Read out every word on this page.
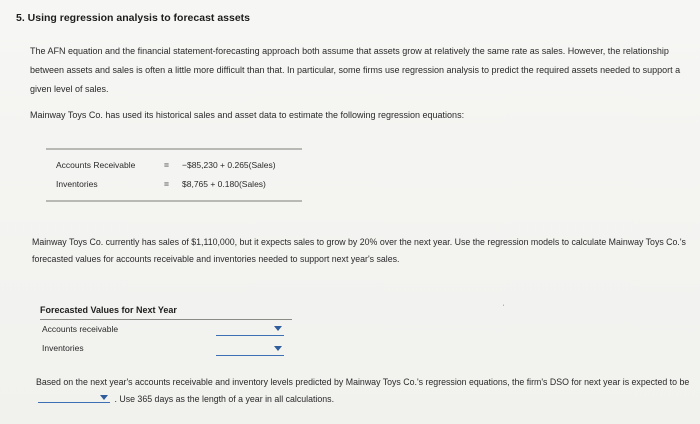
5. Using regression analysis to forecast assets
The AFN equation and the financial statement-forecasting approach both assume that assets grow at relatively the same rate as sales. However, the relationship between assets and sales is often a little more difficult than that. In particular, some firms use regression analysis to predict the required assets needed to support a given level of sales.
Mainway Toys Co. has used its historical sales and asset data to estimate the following regression equations:
Accounts Receivable	= −$85,230 + 0.265(Sales)
Inventories	= $8,765 + 0.180(Sales)
Mainway Toys Co. currently has sales of $1,110,000, but it expects sales to grow by 20% over the next year. Use the regression models to calculate Mainway Toys Co.'s forecasted values for accounts receivable and inventories needed to support next year's sales.
ˈ
Forecasted Values for Next Year
Accounts receivable
Inventories
Based on the next year's accounts receivable and inventory levels predicted by Mainway Toys Co.'s regression equations, the firm's DSO for next year is expected to be
. Use 365 days as the length of a year in all calculations.
